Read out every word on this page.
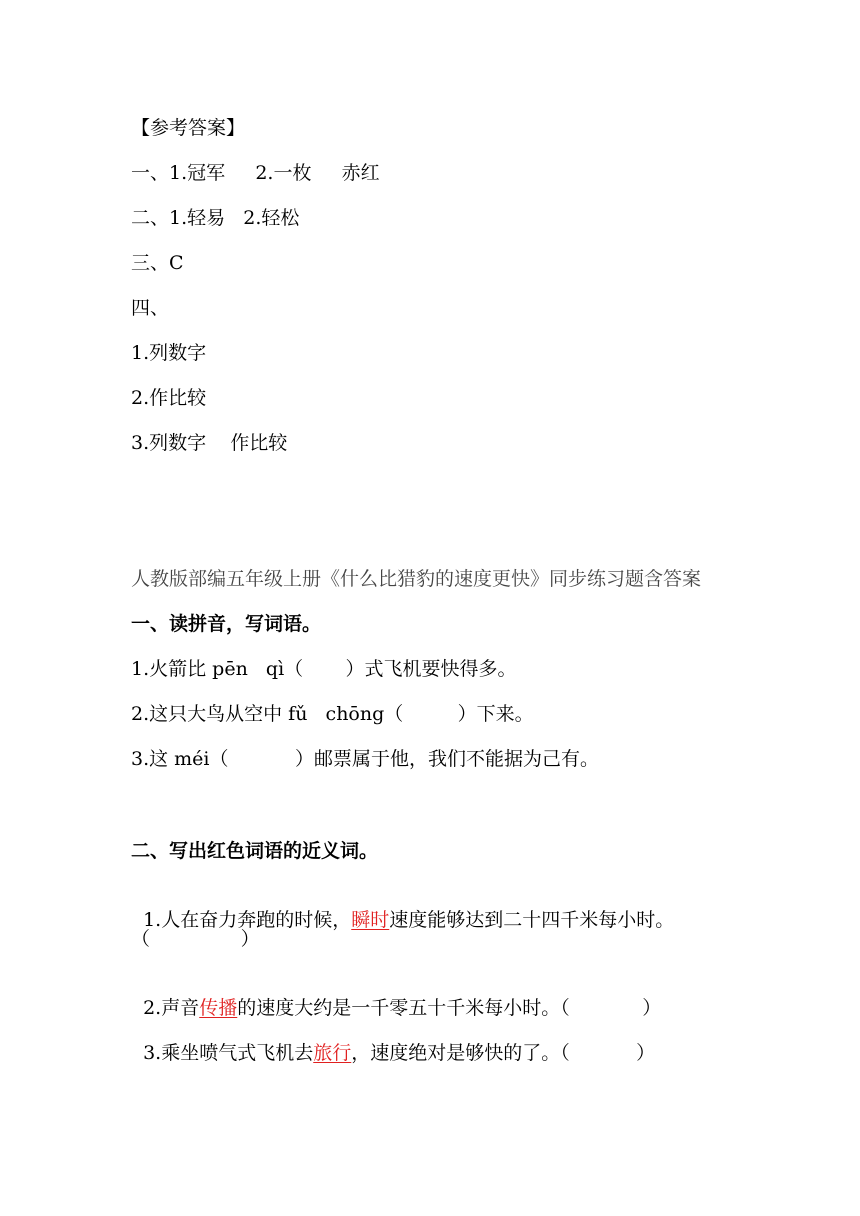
【参考答案】
一、1.冠军     2.一枚     赤红
二、1.轻易   2.轻松
三、C
四、
1.列数字
2.作比较
3.列数字    作比较
人教版部编五年级上册《什么比猎豹的速度更快》同步练习题含答案
一、读拼音，写词语。
1.火箭比 pēn   qì（       ）式飞机要快得多。
2.这只大鸟从空中 fǔ   chōng（         ）下来。
3.这 méi（           ）邮票属于他，我们不能据为己有。
二、写出红色词语的近义词。

1.人在奋力奔跑的时候，瞬时速度能够达到二十四千米每小时。

（               ）

2.声音传播的速度大约是一千零五十千米每小时。（            ）

3.乘坐喷气式飞机去旅行，速度绝对是够快的了。（           ）
